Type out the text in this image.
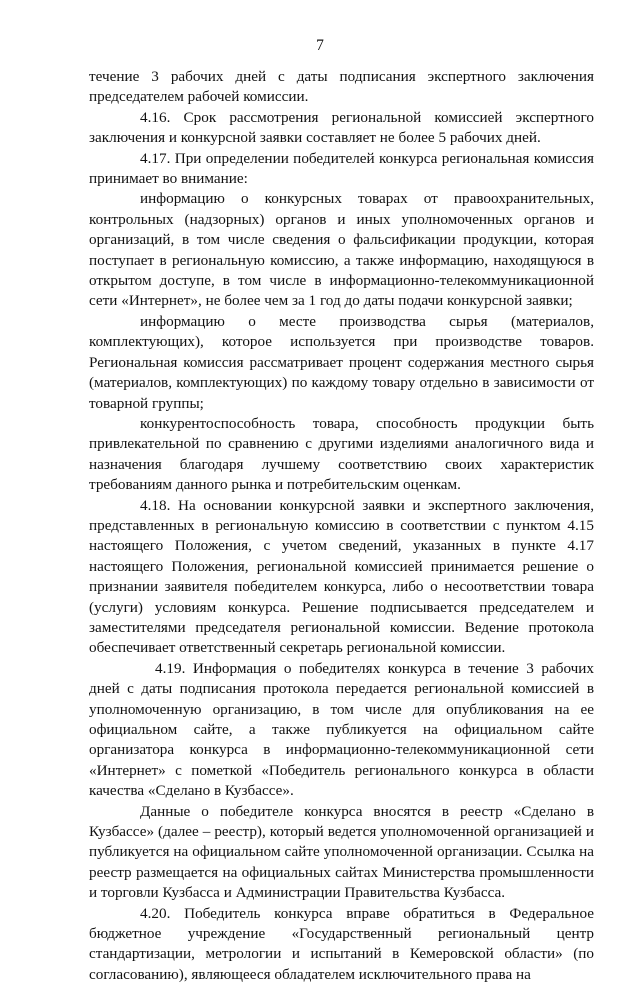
7

течение 3 рабочих дней с даты подписания экспертного заключения председателем рабочей комиссии.

4.16. Срок рассмотрения региональной комиссией экспертного заключения и конкурсной заявки составляет не более 5 рабочих дней.

4.17. При определении победителей конкурса региональная комиссия принимает во внимание:

информацию о конкурсных товарах от правоохранительных, контрольных (надзорных) органов и иных уполномоченных органов и организаций, в том числе сведения о фальсификации продукции, которая поступает в региональную комиссию, а также информацию, находящуюся в открытом доступе, в том числе в информационно-телекоммуникационной сети «Интернет», не более чем за 1 год до даты подачи конкурсной заявки;

информацию о месте производства сырья (материалов, комплектующих), которое используется при производстве товаров. Региональная комиссия рассматривает процент содержания местного сырья (материалов, комплектующих) по каждому товару отдельно в зависимости от товарной группы;

конкурентоспособность товара, способность продукции быть привлекательной по сравнению с другими изделиями аналогичного вида и назначения благодаря лучшему соответствию своих характеристик требованиям данного рынка и потребительским оценкам.

4.18. На основании конкурсной заявки и экспертного заключения, представленных в региональную комиссию в соответствии с пунктом 4.15 настоящего Положения, с учетом сведений, указанных в пункте 4.17 настоящего Положения, региональной комиссией принимается решение о признании заявителя победителем конкурса, либо о несоответствии товара (услуги) условиям конкурса. Решение подписывается председателем и заместителями председателя региональной комиссии. Ведение протокола обеспечивает ответственный секретарь региональной комиссии.

4.19. Информация о победителях конкурса в течение 3 рабочих дней с даты подписания протокола передается региональной комиссией в уполномоченную организацию, в том числе для опубликования на ее официальном сайте, а также публикуется на официальном сайте организатора конкурса в информационно-телекоммуникационной сети «Интернет» с пометкой «Победитель регионального конкурса в области качества «Сделано в Кузбассе».

Данные о победителе конкурса вносятся в реестр «Сделано в Кузбассе» (далее – реестр), который ведется уполномоченной организацией и публикуется на официальном сайте уполномоченной организации. Ссылка на реестр размещается на официальных сайтах Министерства промышленности и торговли Кузбасса и Администрации Правительства Кузбасса.

4.20. Победитель конкурса вправе обратиться в Федеральное бюджетное учреждение «Государственный региональный центр стандартизации, метрологии и испытаний в Кемеровской области» (по согласованию), являющееся обладателем исключительного права на
